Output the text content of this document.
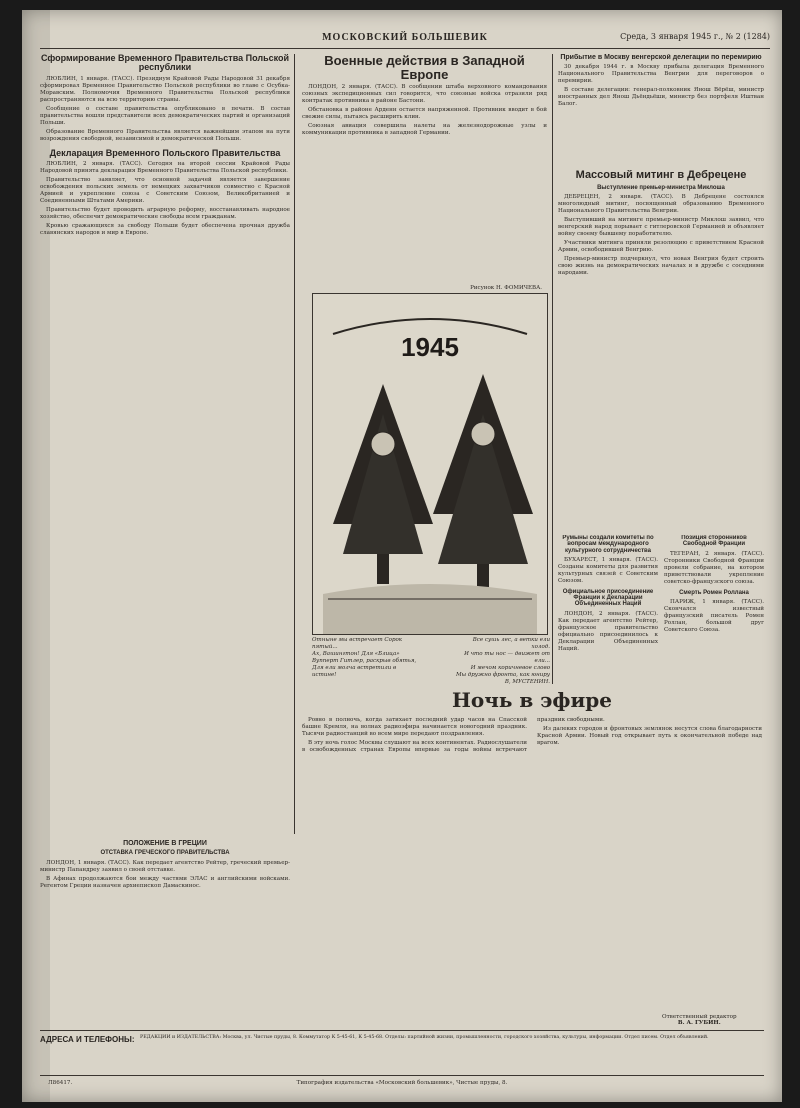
МОСКОВСКИЙ БОЛЬШЕВИК	Среда, 3 января 1945 г., № 2 (1284)
Сформирование Временного Правительства Польской республики

ЛЮБЛИН, 1 января. (ТАСС). Президиум Крайовой Рады Народовой 31 декабря сформировал Временное Правительство Польской республики во главе с Осубка-Моравским. Полномочия Временного Правительства Польской республики распространяются на всю территорию страны.

Сообщение о составе правительства опубликовано в печати. В состав правительства вошли представители всех демократических партий и организаций Польши.

Образование Временного Правительства является важнейшим этапом на пути возрождения свободной, независимой и демократической Польши.

Декларация Временного Польского Правительства

ЛЮБЛИН, 2 января. (ТАСС). Сегодня на второй сессии Крайовой Рады Народовой принята декларация Временного Правительства Польской республики.

Правительство заявляет, что основной задачей является завершение освобождения польских земель от немецких захватчиков совместно с Красной Армией и укрепление союза с Советским Союзом, Великобританией и Соединенными Штатами Америки.

Правительство будет проводить аграрную реформу, восстанавливать народное хозяйство, обеспечит демократические свободы всем гражданам.

Кровью сражающихся за свободу Польши будет обеспечена прочная дружба славянских народов и мир в Европе.

ПОЛОЖЕНИЕ В ГРЕЦИИ
ОТСТАВКА ГРЕЧЕСКОГО ПРАВИТЕЛЬСТВА

ЛОНДОН, 1 января. (ТАСС). Как передает агентство Рейтер, греческий премьер-министр Папандреу заявил о своей отставке.

В Афинах продолжаются бои между частями ЭЛАС и английскими войсками. Регентом Греции назначен архиепископ Дамаскинос.

Военные действия в Западной Европе

ЛОНДОН, 2 января. (ТАСС). В сообщении штаба верховного командования союзных экспедиционных сил говорится, что союзные войска отразили ряд контратак противника в районе Бастони.

Обстановка в районе Арденн остается напряженной. Противник вводит в бой свежие силы, пытаясь расширить клин.

Союзная авиация совершила налеты на железнодорожные узлы и коммуникации противника в западной Германии.

Рисунок Н. ФОМИЧЕВА.
1945
Отныне мы встречает Сорок
пятый...
Ах, Вашингтон! Для «Блица»
Вупперт Гитлер, раскрыв обятья,
Для ели молча встретили в
истине!
Все сушь лес, а ветки ели
холод.
И что ты нос — движет от
ели...
И мечом коричневое слово
Мы дружно фронта, как юниру
В, МУСТЕНИН.
Ночь в эфире

Ровно в полночь, когда затихает последний удар часов на Спасской башне Кремля, на волнах радиоэфира начинается новогодний праздник. Тысячи радиостанций во всем мире передают поздравления.

В эту ночь голос Москвы слушают на всех континентах. Радиослушатели в освобожденных странах Европы впервые за годы войны встречают праздник свободными.

Из далеких городов и фронтовых землянок несутся слова благодарности Красной Армии. Новый год открывает путь к окончательной победе над врагом.

Прибытие в Москву венгерской делегации по перемирию

30 декабря 1944 г. в Москву прибыла делегация Временного Национального Правительства Венгрии для переговоров о перемирии.

В составе делегации: генерал-полковник Янош Вёрёш, министр иностранных дел Янош Дьёндьёши, министр без портфеля Иштван Балог.

Массовый митинг в Дебрецене
Выступление премьер-министра Миклоша

ДЕБРЕЦЕН, 2 января. (ТАСС). В Дебрецене состоялся многолюдный митинг, посвященный образованию Временного Национального Правительства Венгрии.

Выступивший на митинге премьер-министр Миклош заявил, что венгерский народ порывает с гитлеровской Германией и объявляет войну своему бывшему поработителю.

Участники митинга приняли резолюцию с приветствием Красной Армии, освободившей Венгрию.

Премьер-министр подчеркнул, что новая Венгрия будет строить свою жизнь на демократических началах и в дружбе с соседними народами.

Румыны создали комитеты по вопросам международного культурного сотрудничества

БУХАРЕСТ, 1 января. (ТАСС). Созданы комитеты для развития культурных связей с Советским Союзом.

Официальное присоединение Франции к Декларации Объединенных Наций

ЛОНДОН, 2 января. (ТАСС). Как передает агентство Рейтер, французское правительство официально присоединилось к Декларации Объединенных Наций.

Позиция сторонников Свободной Франции

ТЕГЕРАН, 2 января. (ТАСС). Сторонники Свободной Франции провели собрание, на котором приветствовали укрепление советско-французского союза.

Смерть Ромен Роллана

ПАРИЖ, 1 января. (ТАСС). Скончался известный французский писатель Ромен Роллан, большой друг Советского Союза.

Ответственный редактор
В. А. ГУБИН.
АДРЕСА И ТЕЛЕФОНЫ: РЕДАКЦИИ и ИЗДАТЕЛЬСТВА: Москва, ул. Чистые пруды, 8. Коммутатор К 5-45-61, К 5-45-68. Отделы: партийной жизни, промышленности, городского хозяйства, культуры, информации. Отдел писем. Отдел объявлений.
Л86417.	Типография издательства «Московский большевик», Чистые пруды, 8.
